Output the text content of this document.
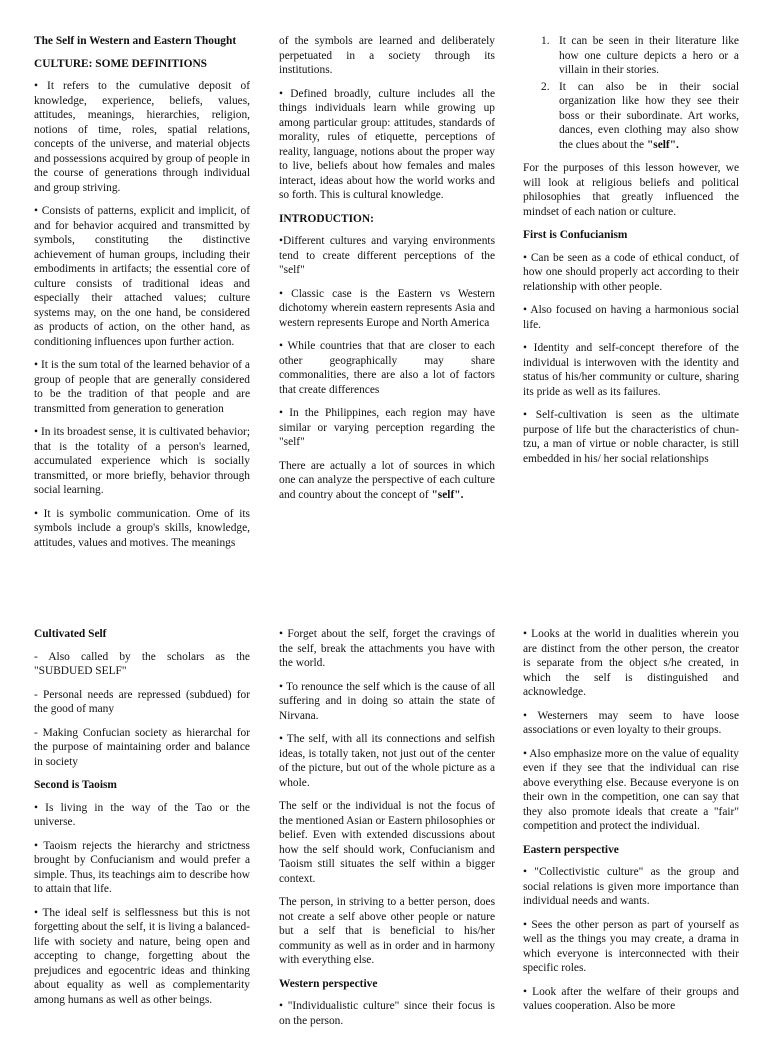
The Self in Western and Eastern Thought
CULTURE: SOME DEFINITIONS

• It refers to the cumulative deposit of knowledge, experience, beliefs, values, attitudes, meanings, hierarchies, religion, notions of time, roles, spatial relations, concepts of the universe, and material objects and possessions acquired by group of people in the course of generations through individual and group striving.

• Consists of patterns, explicit and implicit, of and for behavior acquired and transmitted by symbols, constituting the distinctive achievement of human groups, including their embodiments in artifacts; the essential core of culture consists of traditional ideas and especially their attached values; culture systems may, on the one hand, be considered as products of action, on the other hand, as conditioning influences upon further action.

• It is the sum total of the learned behavior of a group of people that are generally considered to be the tradition of that people and are transmitted from generation to generation

• In its broadest sense, it is cultivated behavior; that is the totality of a person's learned, accumulated experience which is socially transmitted, or more briefly, behavior through social learning.

• It is symbolic communication. Ome of its symbols include a group's skills, knowledge, attitudes, values and motives. The meanings

of the symbols are learned and deliberately perpetuated in a society through its institutions.

• Defined broadly, culture includes all the things individuals learn while growing up among particular group: attitudes, standards of morality, rules of etiquette, perceptions of reality, language, notions about the proper way to live, beliefs about how females and males interact, ideas about how the world works and so forth. This is cultural knowledge.

INTRODUCTION:

•Different cultures and varying environments tend to create different perceptions of the "self"

• Classic case is the Eastern vs Western dichotomy wherein eastern represents Asia and western represents Europe and North America

• While countries that that are closer to each other geographically may share commonalities, there are also a lot of factors that create differences

• In the Philippines, each region may have similar or varying perception regarding the "self"

There are actually a lot of sources in which one can analyze the perspective of each culture and country about the concept of "self".

1. It can be seen in their literature like how one culture depicts a hero or a villain in their stories.
2. It can also be in their social organization like how they see their boss or their subordinate. Art works, dances, even clothing may also show the clues about the "self".

For the purposes of this lesson however, we will look at religious beliefs and political philosophies that greatly influenced the mindset of each nation or culture.

First is Confucianism

• Can be seen as a code of ethical conduct, of how one should properly act according to their relationship with other people.

• Also focused on having a harmonious social life.

• Identity and self-concept therefore of the individual is interwoven with the identity and status of his/her community or culture, sharing its pride as well as its failures.

• Self-cultivation is seen as the ultimate purpose of life but the characteristics of chun-tzu, a man of virtue or noble character, is still embedded in his/ her social relationships

Cultivated Self

- Also called by the scholars as the "SUBDUED SELF"

- Personal needs are repressed (subdued) for the good of many

- Making Confucian society as hierarchal for the purpose of maintaining order and balance in society

Second is Taoism

• Is living in the way of the Tao or the universe.

• Taoism rejects the hierarchy and strictness brought by Confucianism and would prefer a simple. Thus, its teachings aim to describe how to attain that life.

• The ideal self is selflessness but this is not forgetting about the self, it is living a balanced-life with society and nature, being open and accepting to change, forgetting about the prejudices and egocentric ideas and thinking about equality as well as complementarity among humans as well as other beings.

• Forget about the self, forget the cravings of the self, break the attachments you have with the world.

• To renounce the self which is the cause of all suffering and in doing so attain the state of Nirvana.

• The self, with all its connections and selfish ideas, is totally taken, not just out of the center of the picture, but out of the whole picture as a whole.

The self or the individual is not the focus of the mentioned Asian or Eastern philosophies or belief. Even with extended discussions about how the self should work, Confucianism and Taoism still situates the self within a bigger context.

The person, in striving to a better person, does not create a self above other people or nature but a self that is beneficial to his/her community as well as in order and in harmony with everything else.

Western perspective

• "Individualistic culture" since their focus is on the person.

• Looks at the world in dualities wherein you are distinct from the other person, the creator is separate from the object s/he created, in which the self is distinguished and acknowledge.

• Westerners may seem to have loose associations or even loyalty to their groups.

• Also emphasize more on the value of equality even if they see that the individual can rise above everything else. Because everyone is on their own in the competition, one can say that they also promote ideals that create a "fair" competition and protect the individual.

Eastern perspective

• "Collectivistic culture" as the group and social relations is given more importance than individual needs and wants.

• Sees the other person as part of yourself as well as the things you may create, a drama in which everyone is interconnected with their specific roles.

• Look after the welfare of their groups and values cooperation. Also be more
